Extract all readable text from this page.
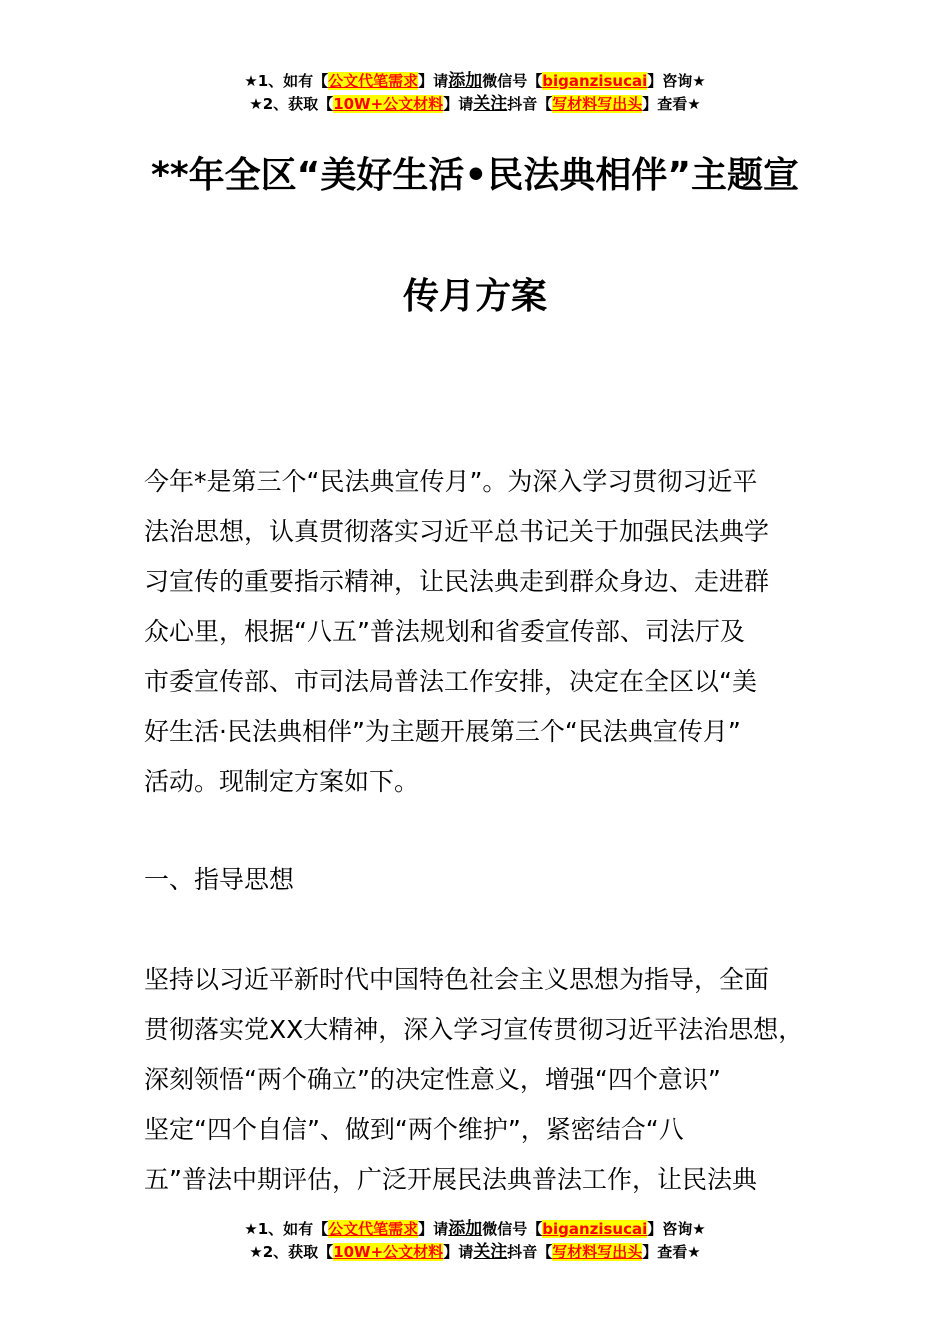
★1、如有【公文代笔需求】请添加微信号【biganzisucai】咨询★
★2、获取【10W+公文材料】请关注抖音【写材料写出头】查看★
**年全区“美好生活•民法典相伴”主题宣
传月方案
今年*是第三个“民法典宣传月”。为深入学习贯彻习近平
法治思想，认真贯彻落实习近平总书记关于加强民法典学
习宣传的重要指示精神，让民法典走到群众身边、走进群
众心里，根据“八五”普法规划和省委宣传部、司法厅及
市委宣传部、市司法局普法工作安排，决定在全区以“美
好生活·民法典相伴”为主题开展第三个“民法典宣传月”
活动。现制定方案如下。
一、指导思想
坚持以习近平新时代中国特色社会主义思想为指导，全面
贯彻落实党XX大精神，深入学习宣传贯彻习近平法治思想，
深刻领悟“两个确立”的决定性意义，增强“四个意识”
坚定“四个自信”、做到“两个维护”，紧密结合“八
五”普法中期评估，广泛开展民法典普法工作，让民法典
★1、如有【公文代笔需求】请添加微信号【biganzisucai】咨询★
★2、获取【10W+公文材料】请关注抖音【写材料写出头】查看★
